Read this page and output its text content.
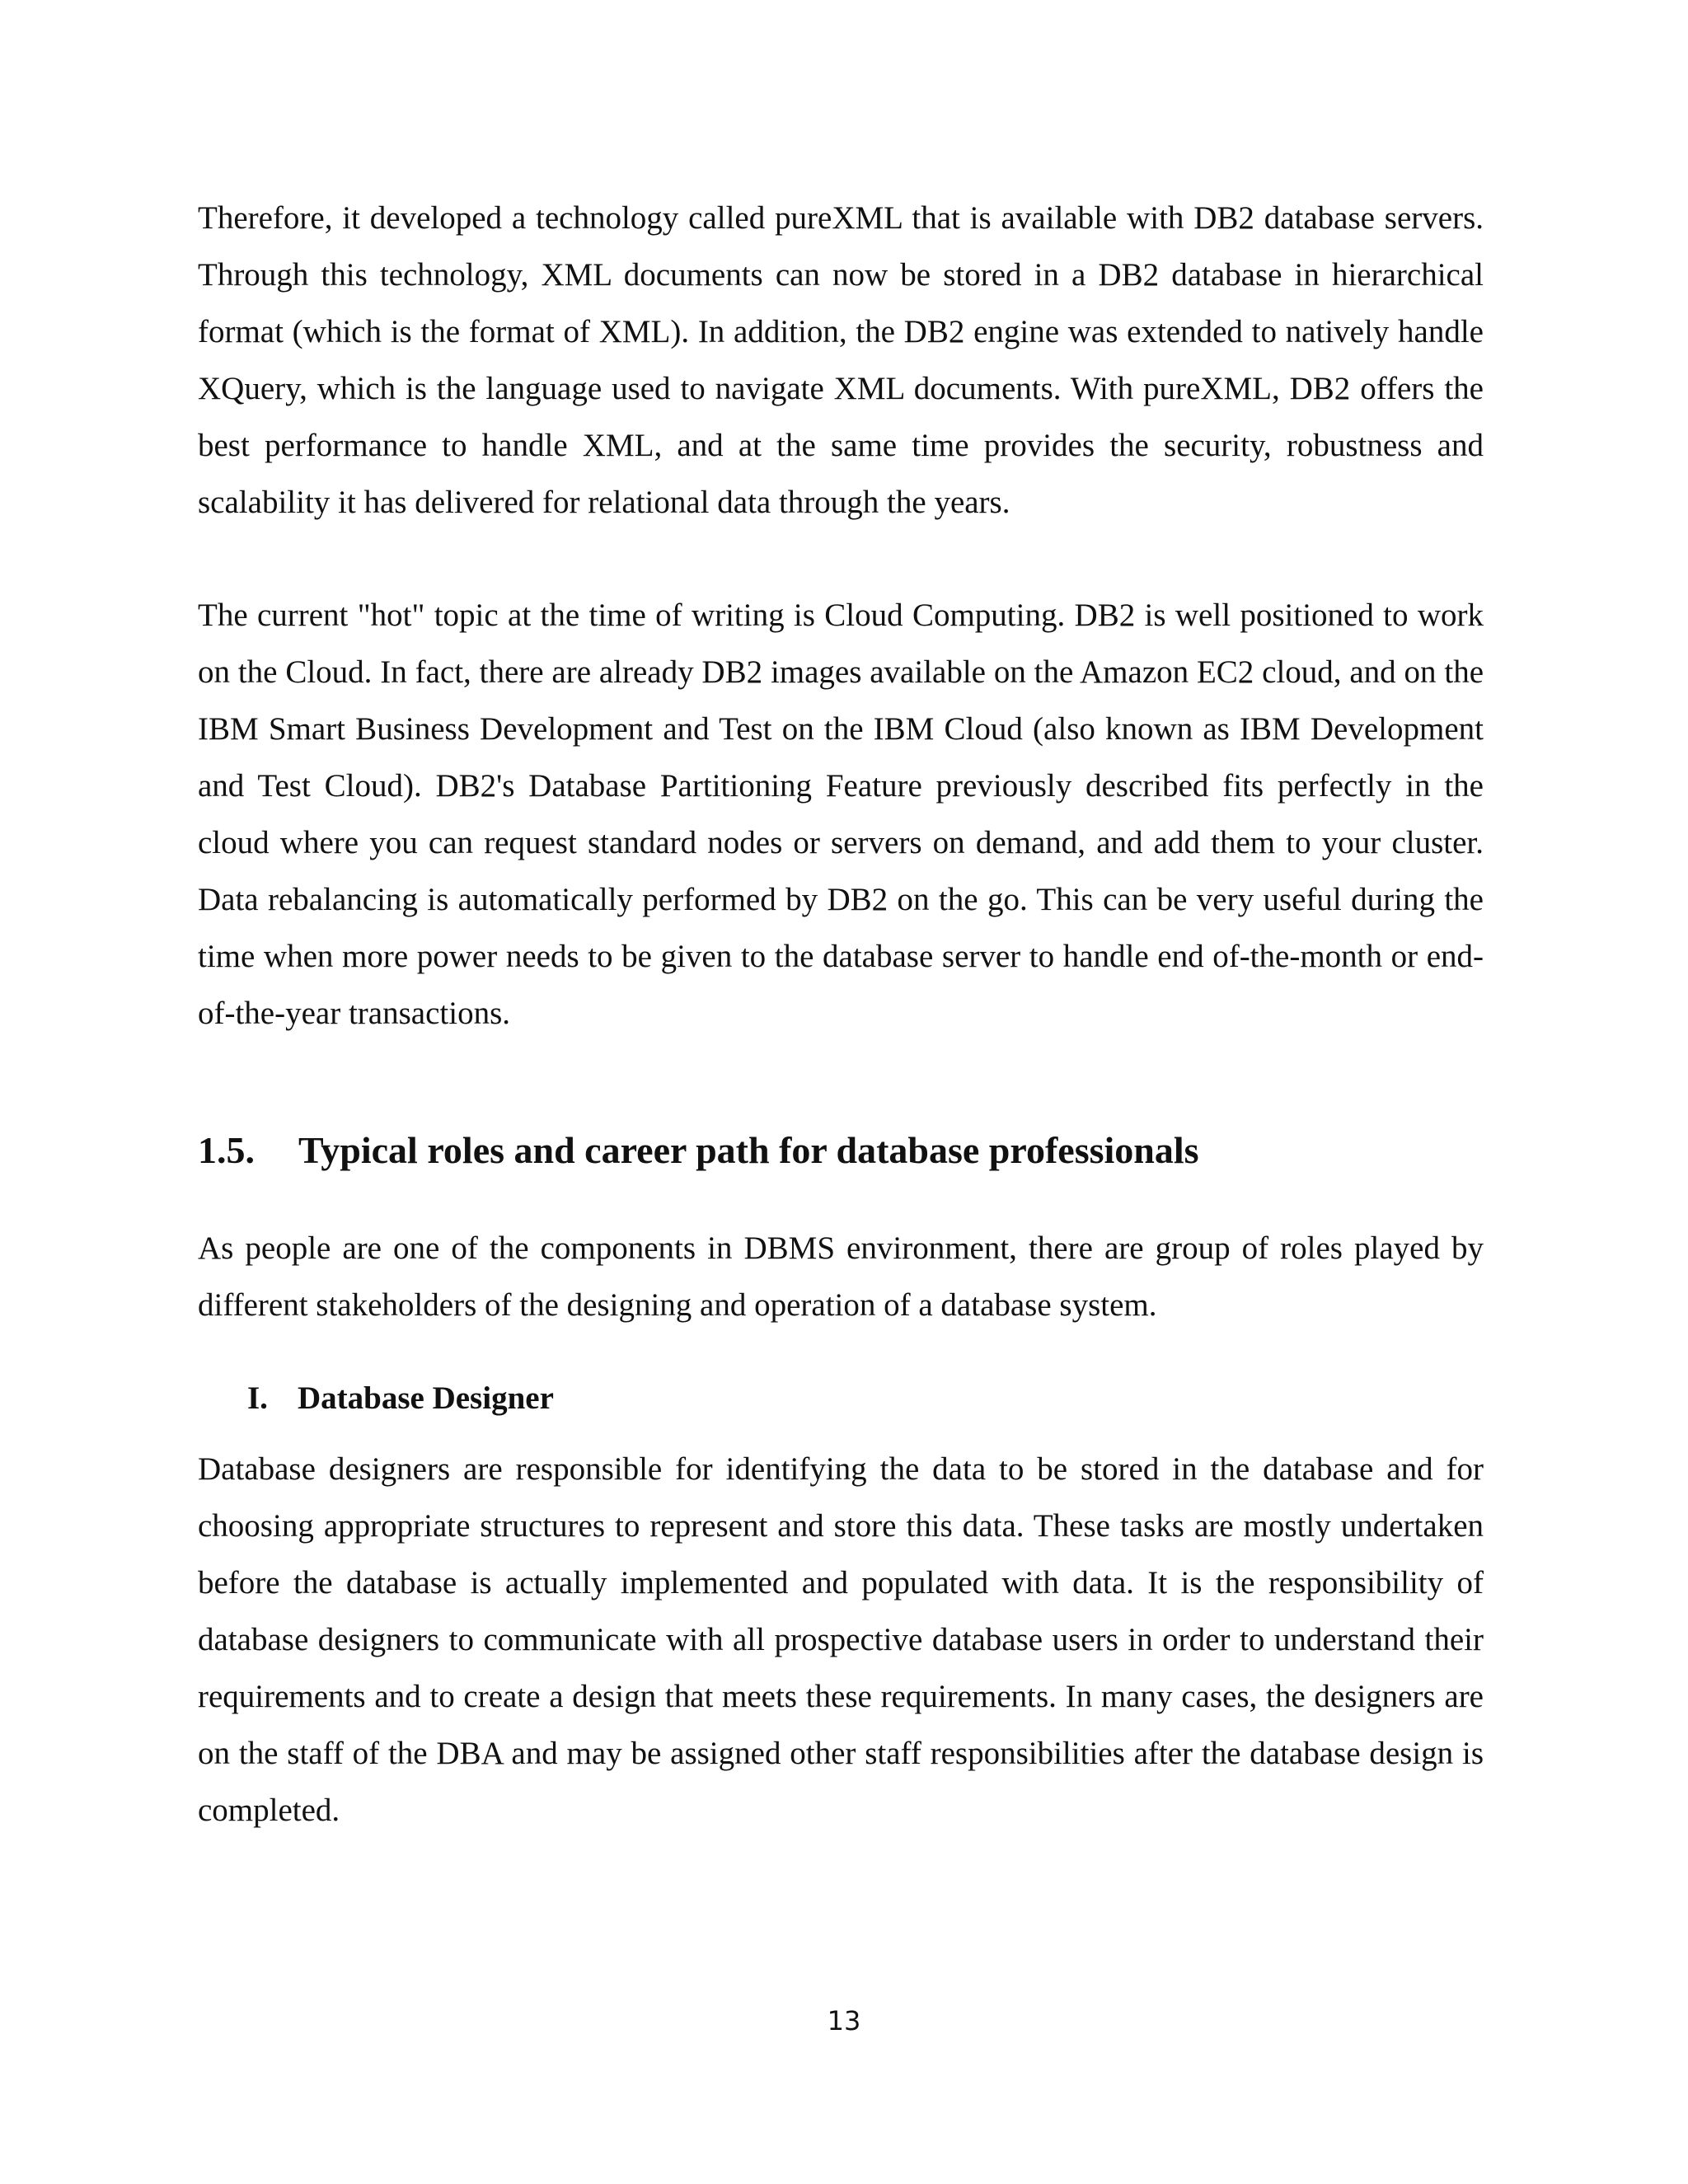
Therefore, it developed a technology called pureXML that is available with DB2 database servers. Through this technology, XML documents can now be stored in a DB2 database in hierarchical format (which is the format of XML). In addition, the DB2 engine was extended to natively handle XQuery, which is the language used to navigate XML documents. With pureXML, DB2 offers the best performance to handle XML, and at the same time provides the security, robustness and scalability it has delivered for relational data through the years.

The current "hot" topic at the time of writing is Cloud Computing. DB2 is well positioned to work on the Cloud. In fact, there are already DB2 images available on the Amazon EC2 cloud, and on the IBM Smart Business Development and Test on the IBM Cloud (also known as IBM Development and Test Cloud). DB2's Database Partitioning Feature previously described fits perfectly in the cloud where you can request standard nodes or servers on demand, and add them to your cluster. Data rebalancing is automatically performed by DB2 on the go. This can be very useful during the time when more power needs to be given to the database server to handle end of-the-month or end-of-the-year transactions.

1.5. Typical roles and career path for database professionals

As people are one of the components in DBMS environment, there are group of roles played by different stakeholders of the designing and operation of a database system.

I. Database Designer

Database designers are responsible for identifying the data to be stored in the database and for choosing appropriate structures to represent and store this data. These tasks are mostly undertaken before the database is actually implemented and populated with data. It is the responsibility of database designers to communicate with all prospective database users in order to understand their requirements and to create a design that meets these requirements. In many cases, the designers are on the staff of the DBA and may be assigned other staff responsibilities after the database design is completed.

13
